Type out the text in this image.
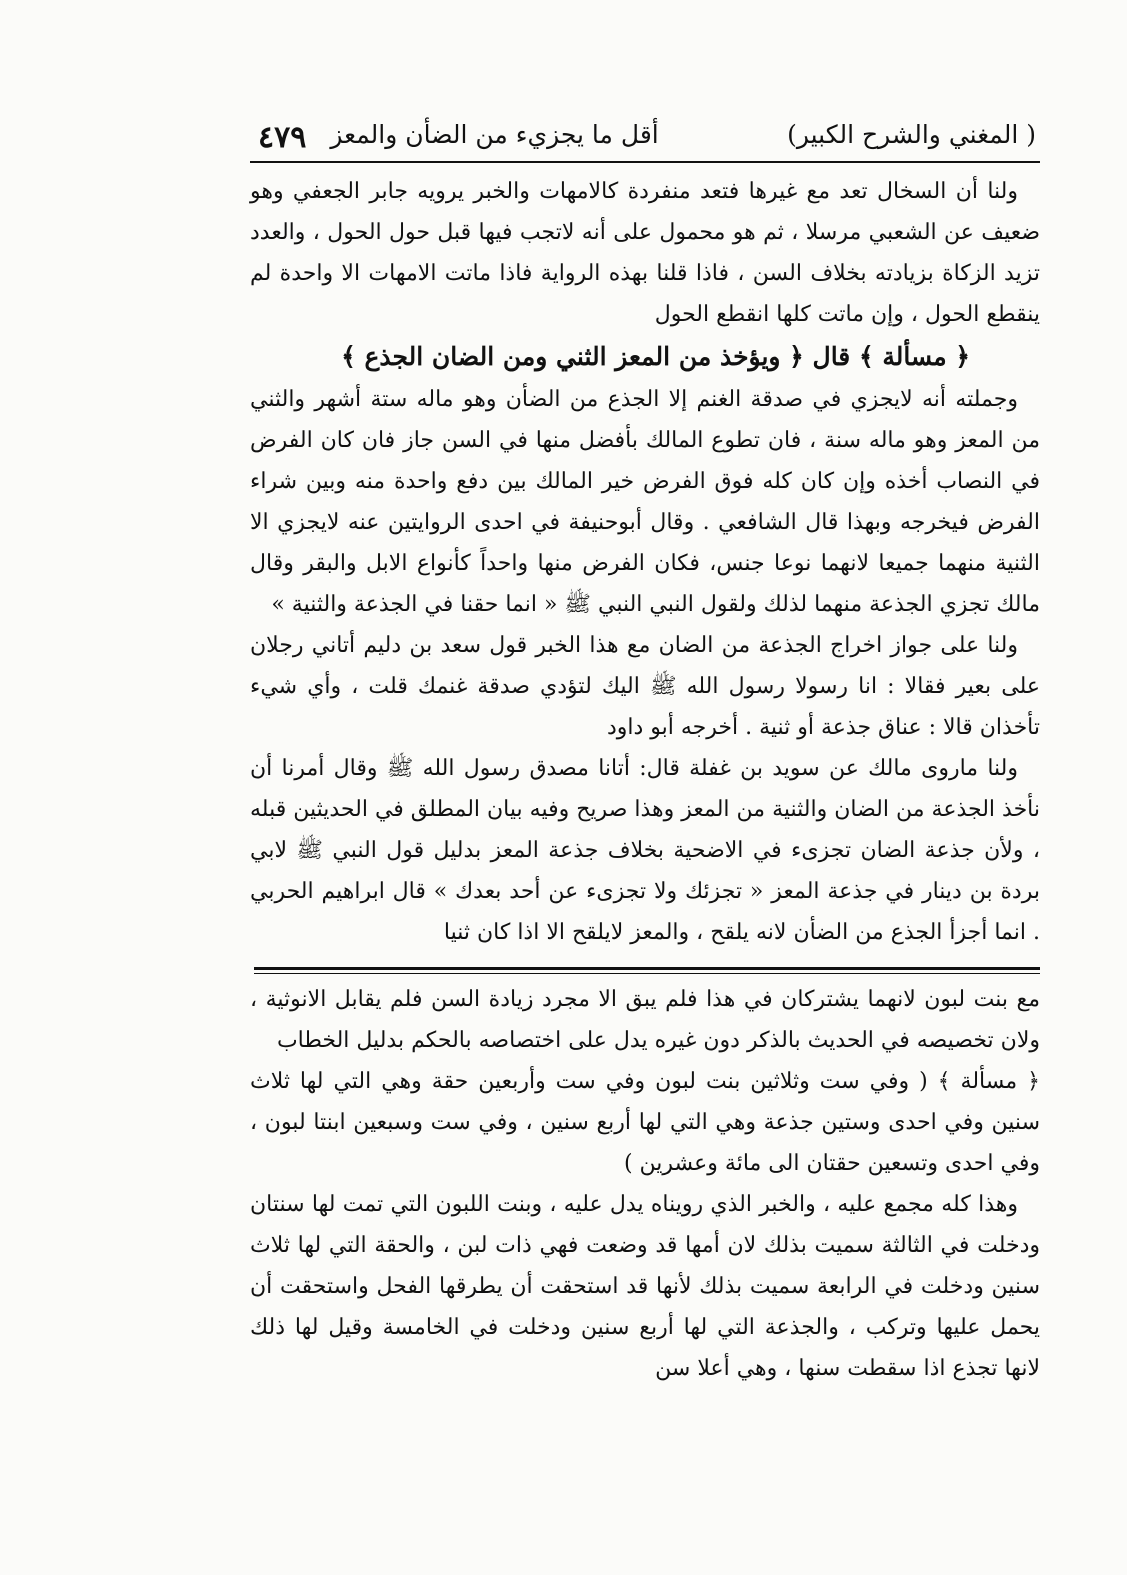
( المغني والشرح الكبير)
أقل ما يجزيء من الضأن والمعز
٤٧٩

ولنا أن السخال تعد مع غيرها فتعد منفردة كالامهات والخبر يرويه جابر الجعفي وهو ضعيف عن الشعبي مرسلا ، ثم هو محمول على أنه لاتجب فيها قبل حول الحول ، والعدد تزيد الزكاة بزيادته بخلاف السن ، فاذا قلنا بهذه الرواية فاذا ماتت الامهات الا واحدة لم ينقطع الحول ، وإن ماتت كلها انقطع الحول

﴿ مسألة ﴾ قال ﴿ ويؤخذ من المعز الثني ومن الضان الجذع ﴾

وجملته أنه لايجزي في صدقة الغنم إلا الجذع من الضأن وهو ماله ستة أشهر والثني من المعز وهو ماله سنة ، فان تطوع المالك بأفضل منها في السن جاز فان كان الفرض في النصاب أخذه وإن كان كله فوق الفرض خير المالك بين دفع واحدة منه وبين شراء الفرض فيخرجه وبهذا قال الشافعي . وقال أبوحنيفة في احدى الروايتين عنه لايجزي الا الثنية منهما جميعا لانهما نوعا جنس، فكان الفرض منها واحداً كأنواع الابل والبقر وقال مالك تجزي الجذعة منهما لذلك ولقول النبي النبي ﷺ « انما حقنا في الجذعة والثنية »

ولنا على جواز اخراج الجذعة من الضان مع هذا الخبر قول سعد بن دليم أتاني رجلان على بعير فقالا : انا رسولا رسول الله ﷺ اليك لتؤدي صدقة غنمك قلت ، وأي شيء تأخذان قالا : عناق جذعة أو ثنية . أخرجه أبو داود

ولنا ماروى مالك عن سويد بن غفلة قال: أتانا مصدق رسول الله ﷺ وقال أمرنا أن نأخذ الجذعة من الضان والثنية من المعز وهذا صريح وفيه بيان المطلق في الحديثين قبله ، ولأن جذعة الضان تجزىء في الاضحية بخلاف جذعة المعز بدليل قول النبي ﷺ لابي بردة بن دينار في جذعة المعز « تجزئك ولا تجزىء عن أحد بعدك » قال ابراهيم الحربي . انما أجزأ الجذع من الضأن لانه يلقح ، والمعز لايلقح الا اذا كان ثنيا

مع بنت لبون لانهما يشتركان في هذا فلم يبق الا مجرد زيادة السن فلم يقابل الانوثية ، ولان تخصيصه في الحديث بالذكر دون غيره يدل على اختصاصه بالحكم بدليل الخطاب

﴿ مسألة ﴾ ( وفي ست وثلاثين بنت لبون وفي ست وأربعين حقة وهي التي لها ثلاث سنين وفي احدى وستين جذعة وهي التي لها أربع سنين ، وفي ست وسبعين ابنتا لبون ، وفي احدى وتسعين حقتان الى مائة وعشرين )

وهذا كله مجمع عليه ، والخبر الذي رويناه يدل عليه ، وبنت اللبون التي تمت لها سنتان ودخلت في الثالثة سميت بذلك لان أمها قد وضعت فهي ذات لبن ، والحقة التي لها ثلاث سنين ودخلت في الرابعة سميت بذلك لأنها قد استحقت أن يطرقها الفحل واستحقت أن يحمل عليها وتركب ، والجذعة التي لها أربع سنين ودخلت في الخامسة وقيل لها ذلك لانها تجذع اذا سقطت سنها ، وهي أعلا سن
